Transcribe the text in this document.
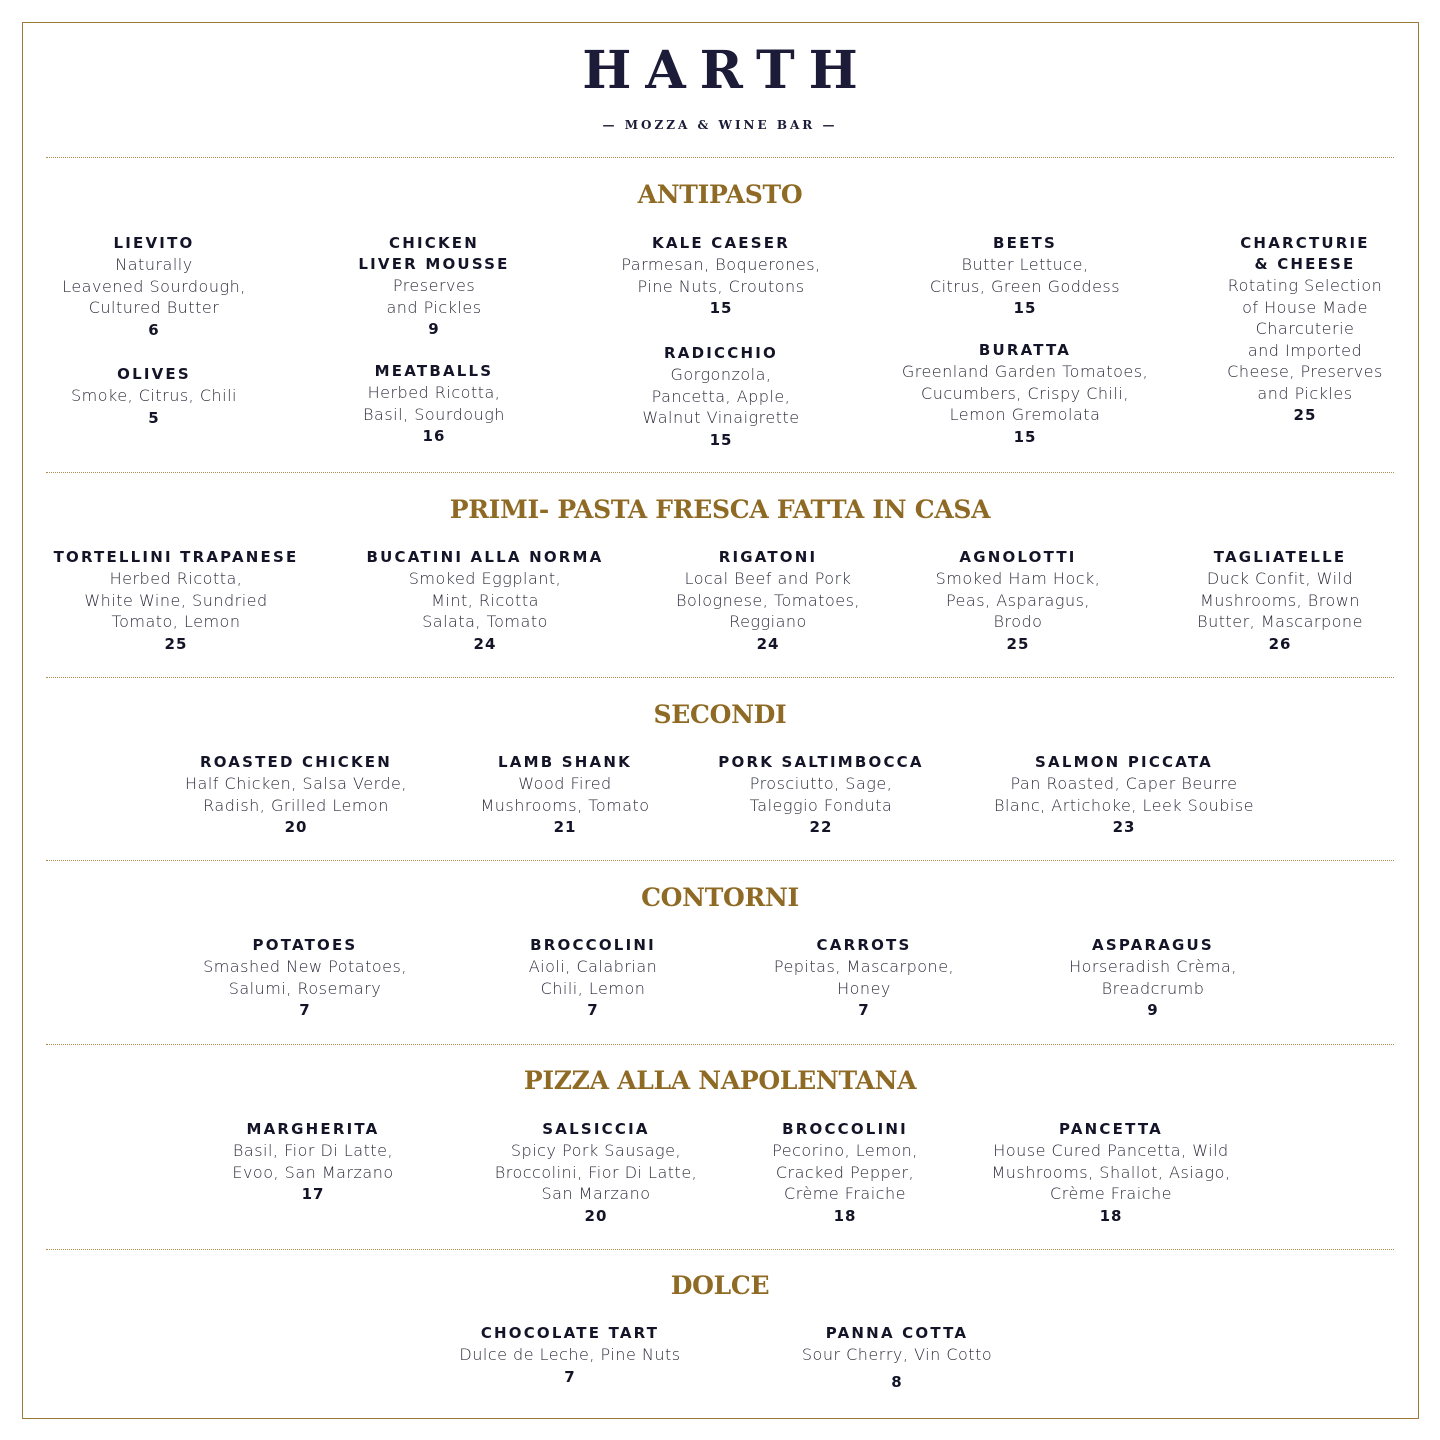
HARTH
— MOZZA & WINE BAR —
ANTIPASTO
PRIMI- PASTA FRESCA FATTA IN CASA
SECONDI
CONTORNI
PIZZA ALLA NAPOLENTANA
DOLCE
LIEVITO
Naturally
Leavened Sourdough,
Cultured Butter
6
OLIVES
Smoke, Citrus, Chili
5
CHICKEN
LIVER MOUSSE
Preserves
and Pickles
9
MEATBALLS
Herbed Ricotta,
Basil, Sourdough
16
KALE CAESER
Parmesan, Boquerones,
Pine Nuts, Croutons
15
RADICCHIO
Gorgonzola,
Pancetta, Apple,
Walnut Vinaigrette
15
BEETS
Butter Lettuce,
Citrus, Green Goddess
15
BURATTA
Greenland Garden Tomatoes,
Cucumbers, Crispy Chili,
Lemon Gremolata
15
CHARCTURIE
& CHEESE
Rotating Selection
of House Made
Charcuterie
and Imported
Cheese, Preserves
and Pickles
25
TORTELLINI TRAPANESE
Herbed Ricotta,
White Wine, Sundried
Tomato, Lemon
25
BUCATINI ALLA NORMA
Smoked Eggplant,
Mint, Ricotta
Salata, Tomato
24
RIGATONI
Local Beef and Pork
Bolognese, Tomatoes,
Reggiano
24
AGNOLOTTI
Smoked Ham Hock,
Peas, Asparagus,
Brodo
25
TAGLIATELLE
Duck Confit, Wild
Mushrooms, Brown
Butter, Mascarpone
26
ROASTED CHICKEN
Half Chicken, Salsa Verde,
Radish, Grilled Lemon
20
LAMB SHANK
Wood Fired
Mushrooms, Tomato
21
PORK SALTIMBOCCA
Prosciutto, Sage,
Taleggio Fonduta
22
SALMON PICCATA
Pan Roasted, Caper Beurre
Blanc, Artichoke, Leek Soubise
23
POTATOES
Smashed New Potatoes,
Salumi, Rosemary
7
BROCCOLINI
Aioli, Calabrian
Chili, Lemon
7
CARROTS
Pepitas, Mascarpone,
Honey
7
ASPARAGUS
Horseradish Crèma,
Breadcrumb
9
MARGHERITA
Basil, Fior Di Latte,
Evoo, San Marzano
17
SALSICCIA
Spicy Pork Sausage,
Broccolini, Fior Di Latte,
San Marzano
20
BROCCOLINI
Pecorino, Lemon,
Cracked Pepper,
Crème Fraiche
18
PANCETTA
House Cured Pancetta, Wild
Mushrooms, Shallot, Asiago,
Crème Fraiche
18
CHOCOLATE TART
Dulce de Leche, Pine Nuts
7
PANNA COTTA
Sour Cherry, Vin Cotto
8
